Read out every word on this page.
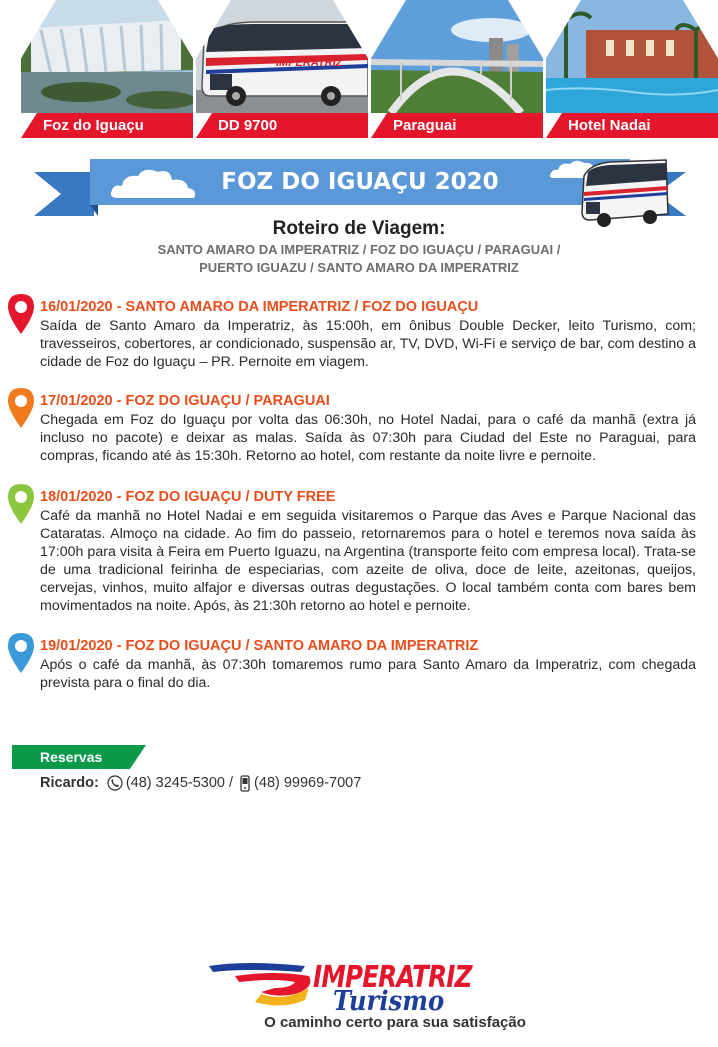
Foz do Iguaçu
IMPERATRIZ
DD 9700	Paraguai	Hotel Nadai
FOZ DO IGUAÇU 2020
Roteiro de Viagem:
SANTO AMARO DA IMPERATRIZ / FOZ DO IGUAÇU / PARAGUAI /
PUERTO IGUAZU / SANTO AMARO DA IMPERATRIZ
16/01/2020 - SANTO AMARO DA IMPERATRIZ / FOZ DO IGUAÇU

Saída de Santo Amaro da Imperatriz, às 15:00h, em ônibus Double Decker, leito Turismo, com; travesseiros, cobertores, ar condicionado, suspensão ar, TV, DVD, Wi-Fi e serviço de bar, com destino a cidade de Foz do Iguaçu – PR. Pernoite em viagem.

17/01/2020 - FOZ DO IGUAÇU / PARAGUAI

Chegada em Foz do Iguaçu por volta das 06:30h, no Hotel Nadai, para o café da manhã (extra já incluso no pacote) e deixar as malas. Saída às 07:30h para Ciudad del Este no Paraguai, para compras, ficando até às 15:30h. Retorno ao hotel, com restante da noite livre e pernoite.

18/01/2020 - FOZ DO IGUAÇU / DUTY FREE

Café da manhã no Hotel Nadai e em seguida visitaremos o Parque das Aves e Parque Nacional das Cataratas. Almoço na cidade. Ao fim do passeio, retornaremos para o hotel e teremos nova saída às 17:00h para visita à Feira em Puerto Iguazu, na Argentina (transporte feito com empresa local). Trata-se de uma tradicional feirinha de especiarias, com azeite de oliva, doce de leite, azeitonas, queijos, cervejas, vinhos, muito alfajor e diversas outras degustações. O local também conta com bares bem movimentados na noite. Após, às 21:30h retorno ao hotel e pernoite.

19/01/2020 - FOZ DO IGUAÇU / SANTO AMARO DA IMPERATRIZ

Após o café da manhã, às 07:30h tomaremos rumo para Santo Amaro da Imperatriz, com chegada prevista para o final do dia.

Reservas
Ricardo: (48) 3245-5300 / (48) 99969-7007
IMPERATRIZ
Turismo
O caminho certo para sua satisfação
